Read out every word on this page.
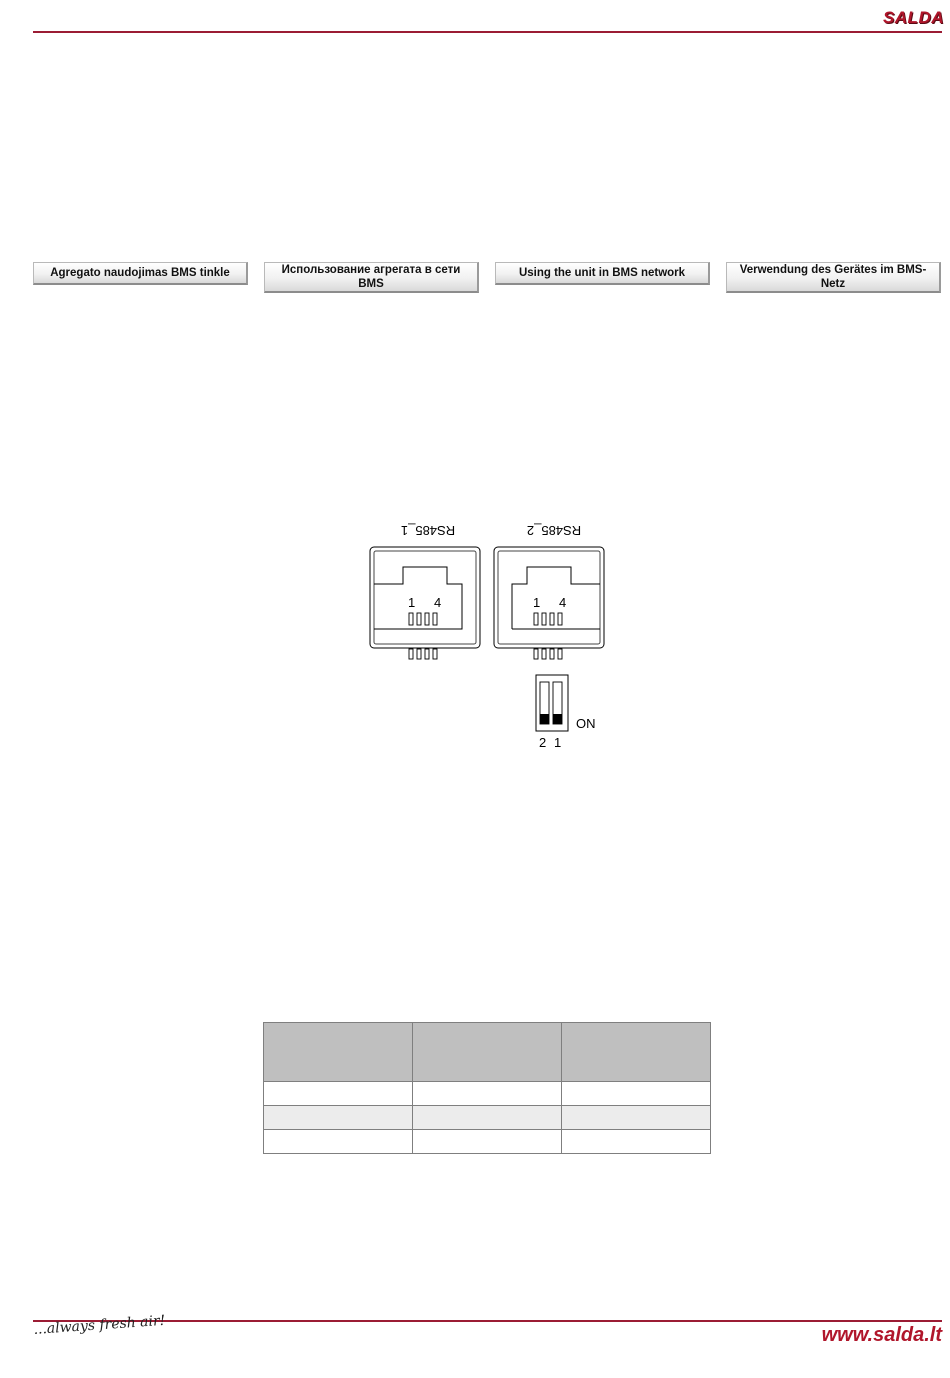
SALDA
Agregato naudojimas BMS tinkle	Использование агрегата в сети BMS
Using the unit in BMS network	Verwendung des Gerätes im BMS-Netz
RS485_1	RS485_2
1 4	1 4
ON
2 1

...always fresh air!	www.salda.lt
